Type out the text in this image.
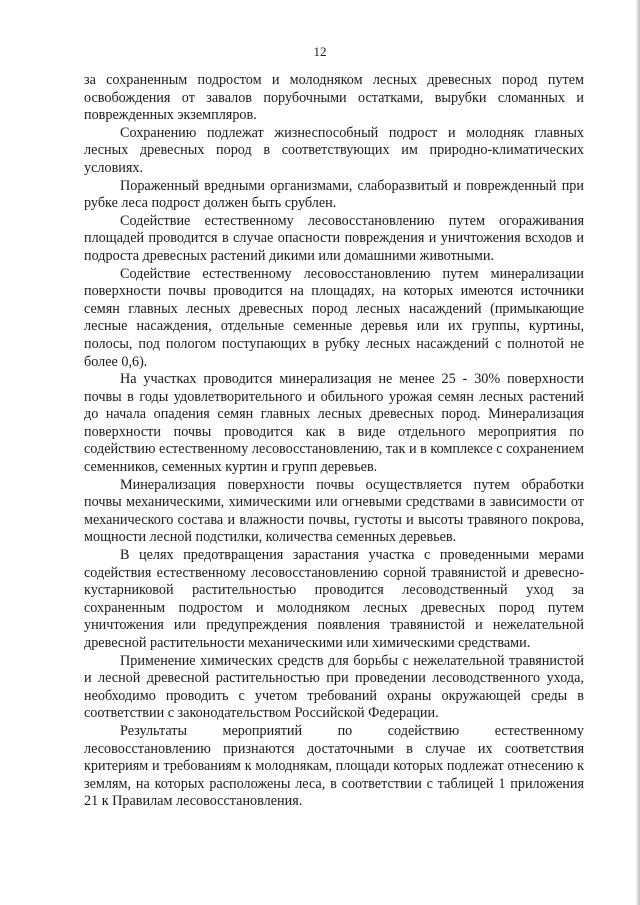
12

за сохраненным подростом и молодняком лесных древесных пород путем освобождения от завалов порубочными остатками, вырубки сломанных и поврежденных экземпляров.

Сохранению подлежат жизнеспособный подрост и молодняк главных лесных древесных пород в соответствующих им природно-климатических условиях.

Пораженный вредными организмами, слаборазвитый и поврежденный при рубке леса подрост должен быть срублен.

Содействие естественному лесовосстановлению путем огораживания площадей проводится в случае опасности повреждения и уничтожения всходов и подроста древесных растений дикими или домашними животными.

Содействие естественному лесовосстановлению путем минерализации поверхности почвы проводится на площадях, на которых имеются источники семян главных лесных древесных пород лесных насаждений (примыкающие лесные насаждения, отдельные семенные деревья или их группы, куртины, полосы, под пологом поступающих в рубку лесных насаждений с полнотой не более 0,6).

На участках проводится минерализация не менее 25 - 30% поверхности почвы в годы удовлетворительного и обильного урожая семян лесных растений до начала опадения семян главных лесных древесных пород. Минерализация поверхности почвы проводится как в виде отдельного мероприятия по содействию естественному лесовосстановлению, так и в комплексе с сохранением семенников, семенных куртин и групп деревьев.

Минерализация поверхности почвы осуществляется путем обработки почвы механическими, химическими или огневыми средствами в зависимости от механического состава и влажности почвы, густоты и высоты травяного покрова, мощности лесной подстилки, количества семенных деревьев.

В целях предотвращения зарастания участка с проведенными мерами содействия естественному лесовосстановлению сорной травянистой и древесно-кустарниковой растительностью проводится лесоводственный уход за сохраненным подростом и молодняком лесных древесных пород путем уничтожения или предупреждения появления травянистой и нежелательной древесной растительности механическими или химическими средствами.

Применение химических средств для борьбы с нежелательной травянистой и лесной древесной растительностью при проведении лесоводственного ухода, необходимо проводить с учетом требований охраны окружающей среды в соответствии с законодательством Российской Федерации.

Результаты мероприятий по содействию естественному лесовосстановлению признаются достаточными в случае их соответствия критериям и требованиям к молоднякам, площади которых подлежат отнесению к землям, на которых расположены леса, в соответствии с таблицей 1 приложения 21 к Правилам лесовосстановления.
